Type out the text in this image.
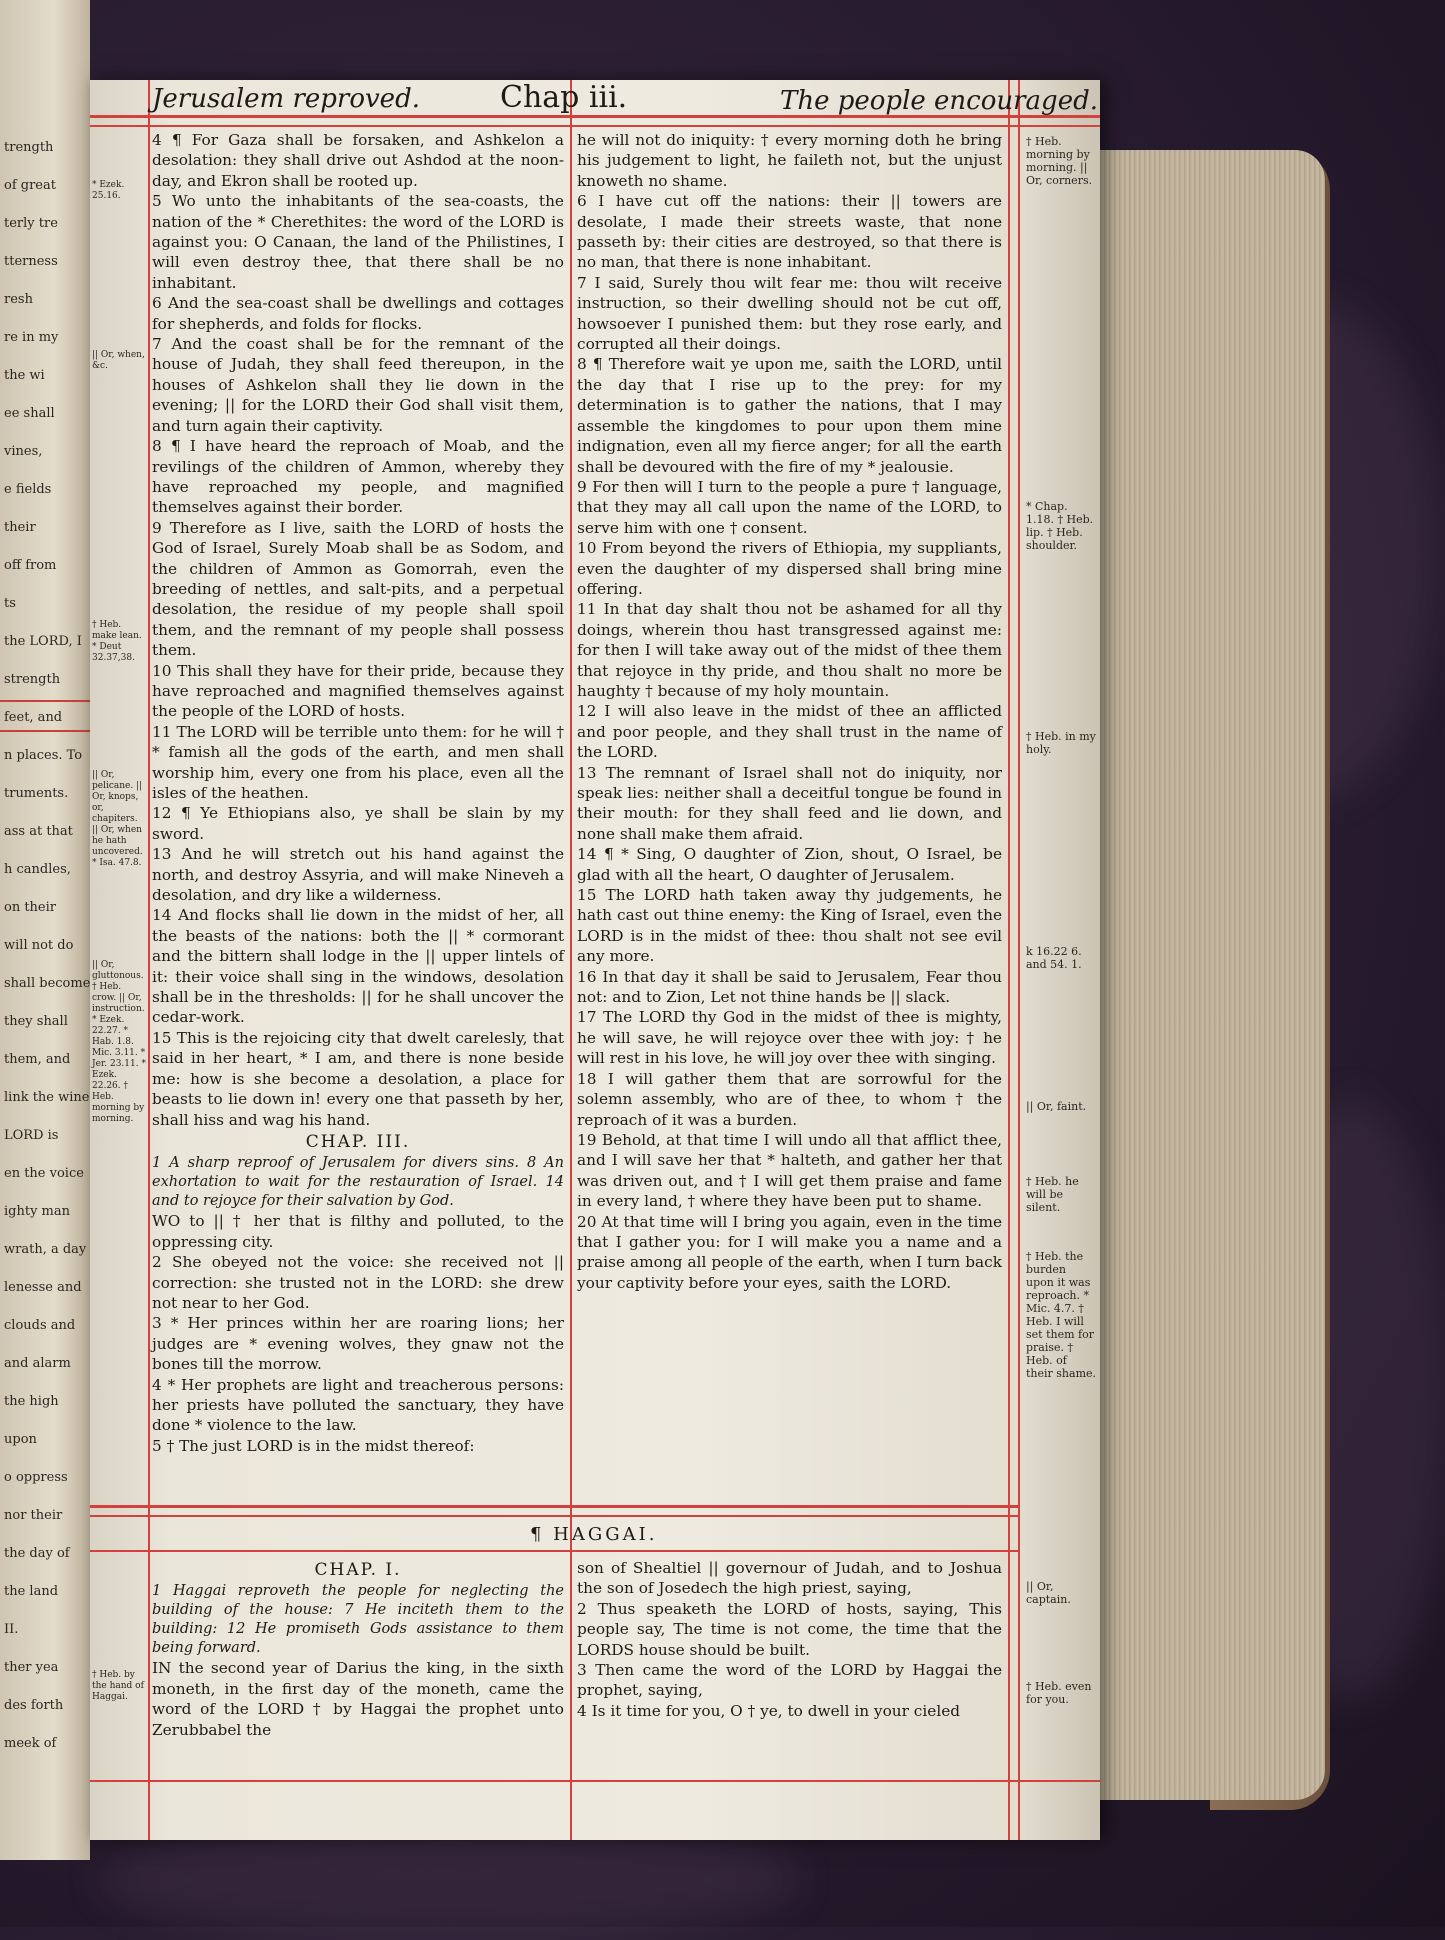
trength
of great
terly tre
tterness
resh
re in my
the wi
ee shall
vines,
e fields
their
off from
ts
the LORD, I
strength
feet, and
n places. To
truments.
ass at that
h candles,
on their
will not do
shall become
they shall
them, and
link the wine
LORD is
en the voice
ighty man
wrath, a day
lenesse and
clouds and
and alarm
the high
upon
o oppress
nor their
the day of
the land
II.
ther yea
des forth
meek of
Jerusalem reproved.	Chap iii.	The people encouraged.

4 ¶ For Gaza shall be forsaken, and Ashkelon a desolation: they shall drive out Ashdod at the noon-day, and Ekron shall be rooted up.

5 Wo unto the inhabitants of the sea-coasts, the nation of the * Cherethites: the word of the LORD is against you: O Canaan, the land of the Philistines, I will even destroy thee, that there shall be no inhabitant.

6 And the sea-coast shall be dwellings and cottages for shepherds, and folds for flocks.

7 And the coast shall be for the remnant of the house of Judah, they shall feed thereupon, in the houses of Ashkelon shall they lie down in the evening; || for the LORD their God shall visit them, and turn again their captivity.

8 ¶ I have heard the reproach of Moab, and the revilings of the children of Ammon, whereby they have reproached my people, and magnified themselves against their border.

9 Therefore as I live, saith the LORD of hosts the God of Israel, Surely Moab shall be as Sodom, and the children of Ammon as Gomorrah, even the breeding of nettles, and salt-pits, and a perpetual desolation, the residue of my people shall spoil them, and the remnant of my people shall possess them.

10 This shall they have for their pride, because they have reproached and magnified themselves against the people of the LORD of hosts.

11 The LORD will be terrible unto them: for he will † * famish all the gods of the earth, and men shall worship him, every one from his place, even all the isles of the heathen.

12 ¶ Ye Ethiopians also, ye shall be slain by my sword.

13 And he will stretch out his hand against the north, and destroy Assyria, and will make Nineveh a desolation, and dry like a wilderness.

14 And flocks shall lie down in the midst of her, all the beasts of the nations: both the || * cormorant and the bittern shall lodge in the || upper lintels of it: their voice shall sing in the windows, desolation shall be in the thresholds: || for he shall uncover the cedar-work.

15 This is the rejoicing city that dwelt carelesly, that said in her heart, * I am, and there is none beside me: how is she become a desolation, a place for beasts to lie down in! every one that passeth by her, shall hiss and wag his hand.

CHAP. III.

1 A sharp reproof of Jerusalem for divers sins. 8 An exhortation to wait for the restauration of Israel. 14 and to rejoyce for their salvation by God.

WO to || † her that is filthy and polluted, to the oppressing city.

2 She obeyed not the voice: she received not || correction: she trusted not in the LORD: she drew not near to her God.

3 * Her princes within her are roaring lions; her judges are * evening wolves, they gnaw not the bones till the morrow.

4 * Her prophets are light and treacherous persons: her priests have polluted the sanctuary, they have done * violence to the law.

5 † The just LORD is in the midst thereof:

he will not do iniquity: † every morning doth he bring his judgement to light, he faileth not, but the unjust knoweth no shame.

6 I have cut off the nations: their || towers are desolate, I made their streets waste, that none passeth by: their cities are destroyed, so that there is no man, that there is none inhabitant.

7 I said, Surely thou wilt fear me: thou wilt receive instruction, so their dwelling should not be cut off, howsoever I punished them: but they rose early, and corrupted all their doings.

8 ¶ Therefore wait ye upon me, saith the LORD, until the day that I rise up to the prey: for my determination is to gather the nations, that I may assemble the kingdomes to pour upon them mine indignation, even all my fierce anger; for all the earth shall be devoured with the fire of my * jealousie.

9 For then will I turn to the people a pure † language, that they may all call upon the name of the LORD, to serve him with one † consent.

10 From beyond the rivers of Ethiopia, my suppliants, even the daughter of my dispersed shall bring mine offering.

11 In that day shalt thou not be ashamed for all thy doings, wherein thou hast transgressed against me: for then I will take away out of the midst of thee them that rejoyce in thy pride, and thou shalt no more be haughty † because of my holy mountain.

12 I will also leave in the midst of thee an afflicted and poor people, and they shall trust in the name of the LORD.

13 The remnant of Israel shall not do iniquity, nor speak lies: neither shall a deceitful tongue be found in their mouth: for they shall feed and lie down, and none shall make them afraid.

14 ¶ * Sing, O daughter of Zion, shout, O Israel, be glad with all the heart, O daughter of Jerusalem.

15 The LORD hath taken away thy judgements, he hath cast out thine enemy: the King of Israel, even the LORD is in the midst of thee: thou shalt not see evil any more.

16 In that day it shall be said to Jerusalem, Fear thou not: and to Zion, Let not thine hands be || slack.

17 The LORD thy God in the midst of thee is mighty, he will save, he will rejoyce over thee with joy: † he will rest in his love, he will joy over thee with singing.

18 I will gather them that are sorrowful for the solemn assembly, who are of thee, to whom † the reproach of it was a burden.

19 Behold, at that time I will undo all that afflict thee, and I will save her that * halteth, and gather her that was driven out, and † I will get them praise and fame in every land, † where they have been put to shame.

20 At that time will I bring you again, even in the time that I gather you: for I will make you a name and a praise among all people of the earth, when I turn back your captivity before your eyes, saith the LORD.

¶ HAGGAI.

CHAP. I.

1 Haggai reproveth the people for neglecting the building of the house: 7 He inciteth them to the building: 12 He promiseth Gods assistance to them being forward.

IN the second year of Darius the king, in the sixth moneth, in the first day of the moneth, came the word of the LORD † by Haggai the prophet unto Zerubbabel the

son of Shealtiel || governour of Judah, and to Joshua the son of Josedech the high priest, saying,

2 Thus speaketh the LORD of hosts, saying, This people say, The time is not come, the time that the LORDS house should be built.

3 Then came the word of the LORD by Haggai the prophet, saying,

4 Is it time for you, O † ye, to dwell in your cieled

* Ezek. 25.16.
|| Or, when, &c.
† Heb. make lean. * Deut 32.37,38.
|| Or, pelicane. || Or, knops, or, chapiters. || Or, when he hath uncovered. * Isa. 47.8.
|| Or, gluttonous. † Heb. crow. || Or, instruction. * Ezek. 22.27. * Hab. 1.8. Mic. 3.11. * Jer. 23.11. * Ezek. 22.26. † Heb. morning by morning.
† Heb. by the hand of Haggai.
† Heb. morning by morning. || Or, corners.
* Chap. 1.18. † Heb. lip. † Heb. shoulder.
† Heb. in my holy.
k 16.22 6. and 54. 1.
|| Or, faint.
† Heb. he will be silent.
† Heb. the burden upon it was reproach. * Mic. 4.7. † Heb. I will set them for praise. † Heb. of their shame.
|| Or, captain.
† Heb. even for you.
